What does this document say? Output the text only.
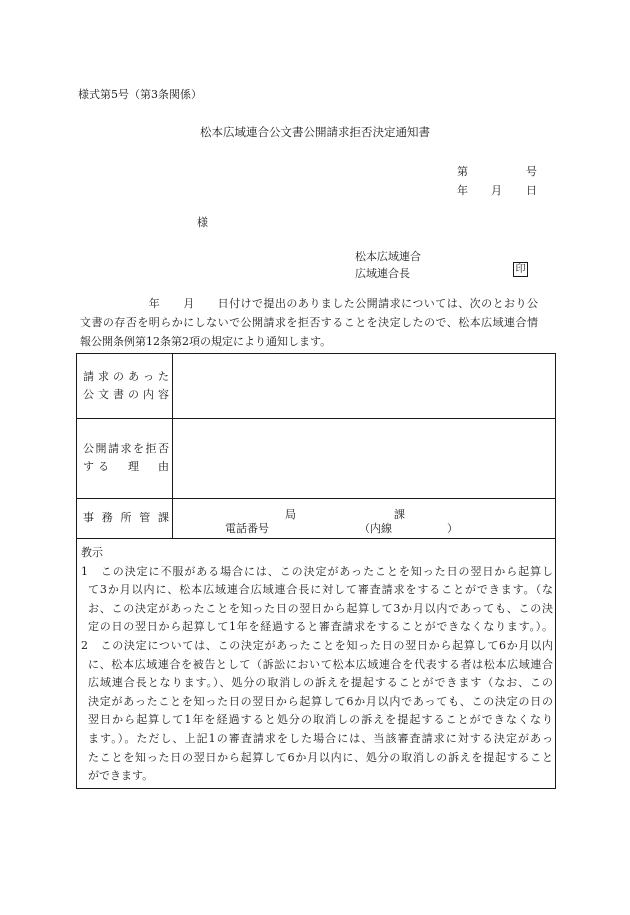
様式第5号（第3条関係）
松本広域連合公文書公開請求拒否決定通知書
第	号
年 月 日
様
松本広域連合
広域連合長	印
　　　　　　年　　月　　日付けで提出のありました公開請求については、次のとおり公
文書の存否を明らかにしないで公開請求を拒否することを決定したので、松本広域連合情
報公開条例第12条第2項の規定により通知します。
請求のあった
公文書の内容
公開請求を拒否
する　理　由
事務所管課	局	課
電話番号	（内線　　　　　）
教示
1　この決定に不服がある場合には、この決定があったことを知った日の翌日から起算し
て3か月以内に、松本広域連合広域連合長に対して審査請求をすることができます。（な
お、この決定があったことを知った日の翌日から起算して3か月以内であっても、この決
定の日の翌日から起算して1年を経過すると審査請求をすることができなくなります。）。
2　この決定については、この決定があったことを知った日の翌日から起算して6か月以内
に、松本広域連合を被告として（訴訟において松本広域連合を代表する者は松本広域連合
広域連合長となります。）、処分の取消しの訴えを提起することができます（なお、この
決定があったことを知った日の翌日から起算して6か月以内であっても、この決定の日の
翌日から起算して1年を経過すると処分の取消しの訴えを提起することができなくなり
ます。）。ただし、上記1の審査請求をした場合には、当該審査請求に対する決定があっ
たことを知った日の翌日から起算して6か月以内に、処分の取消しの訴えを提起すること
ができます。
